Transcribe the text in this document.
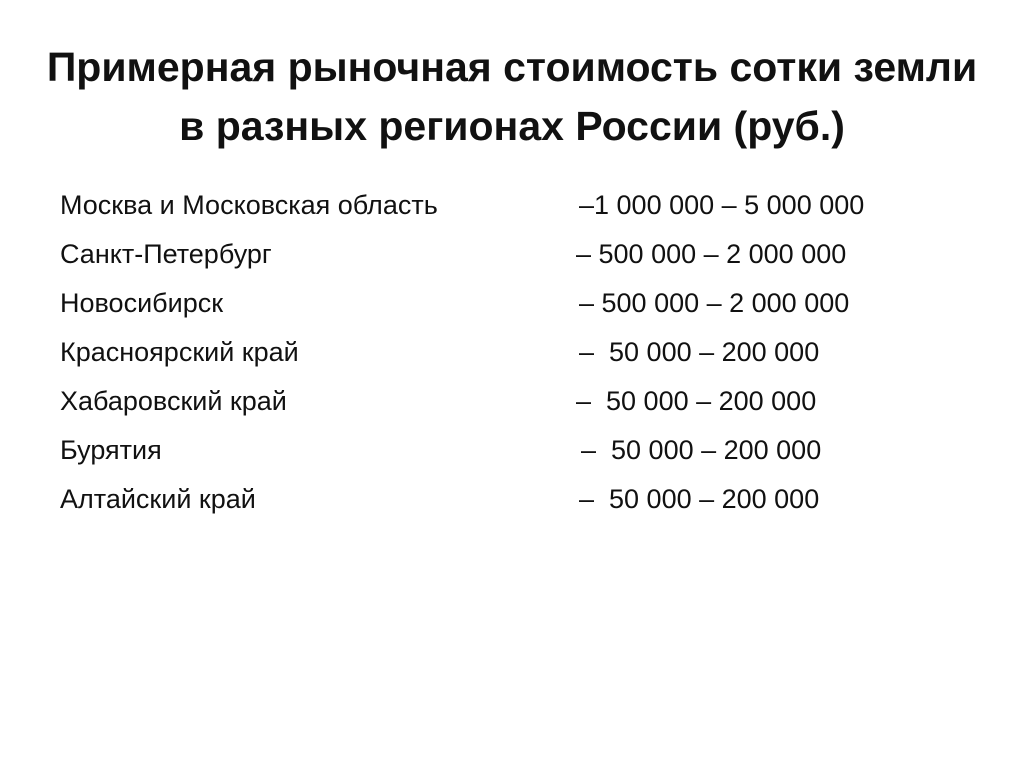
Примерная рыночная стоимость сотки земли в разных регионах России (руб.)
Москва и Московская область	–1 000 000 – 5 000 000
Санкт-Петербург	– 500 000 – 2 000 000
Новосибирск	– 500 000 – 2 000 000
Красноярский край	–  50 000 – 200 000
Хабаровский край	–  50 000 – 200 000
Бурятия	–  50 000 – 200 000
Алтайский край	–  50 000 – 200 000
